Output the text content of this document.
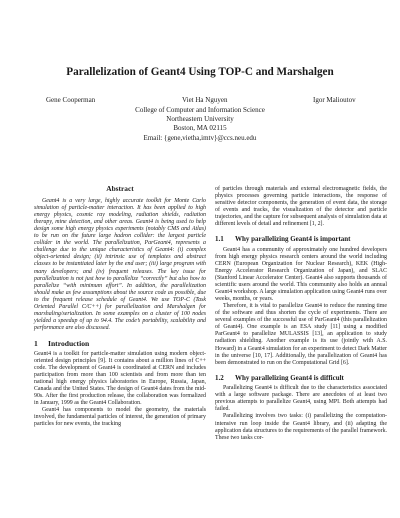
Parallelization of Geant4 Using TOP-C and Marshalgen
Gene Cooperman	Viet Ha Nguyen	Igor Malioutov
College of Computer and Information Science
Northeastern University
Boston, MA 02115
Email: {gene,vietha,imtv}@ccs.neu.edu
Abstract

Geant4 is a very large, highly accurate toolkit for Monte Carlo simulation of particle-matter interaction. It has been applied to high energy physics, cosmic ray modeling, radiation shields, radiation therapy, mine detection, and other areas. Geant4 is being used to help design some high energy physics experiments (notably CMS and Atlas) to be run on the future large hadron collider: the largest particle collider in the world. The parallelization, ParGeant4, represents a challenge due to the unique characteristics of Geant4: (i) complex object-oriented design; (ii) intrinsic use of templates and abstract classes to be instantiated later by the end user; (iii) large program with many developers; and (iv) frequent releases. The key issue for parallelization is not just how to parallelize “correctly” but also how to parallelize “with minimum effort”. In addition, the parallelization should make as few assumptions about the source code as possible, due to the frequent release schedule of Geant4. We use TOP-C (Task Oriented Parallel C/C++) for parallelization and Marshalgen for marshaling/serialization. In some examples on a cluster of 100 nodes yielded a speedup of up to 94.4. The code’s portability, scalability and performance are also discussed.

1 Introduction

Geant4 is a toolkit for particle-matter simulation using modern object-oriented design principles [9]. It contains about a million lines of C++ code. The development of Geant4 is coordinated at CERN and includes participation from more than 100 scientists and from more than ten national high energy physics laboratories in Europe, Russia, Japan, Canada and the United States. The design of Geant4 dates from the mid-90s. After the first production release, the collaboration was formalized in January, 1999 as the Geant4 Collaboration.

Geant4 has components to model the geometry, the materials involved, the fundamental particles of interest, the generation of primary particles for new events, the tracking

of particles through materials and external electromagnetic fields, the physics processes governing particle interactions, the response of sensitive detector components, the generation of event data, the storage of events and tracks, the visualization of the detector and particle trajectories, and the capture for subsequent analysis of simulation data at different levels of detail and refinement [1, 2].

1.1 Why parallelizing Geant4 is important

Geant4 has a community of approximately one hundred developers from high energy physics research centers around the world including CERN (European Organization for Nuclear Research), KEK (High-Energy Accelerator Research Organization of Japan), and SLAC (Stanford Linear Accelerator Center). Geant4 also supports thousands of scientific users around the world. This community also holds an annual Geant4 workshop. A large simulation application using Geant4 runs over weeks, months, or years.

Therefore, it is vital to parallelize Geant4 to reduce the running time of the software and thus shorten the cycle of experiments. There are several examples of the successful use of ParGeant4 (this parallelization of Geant4). One example is an ESA study [11] using a modified ParGeant4 to parallelize MULASSIS [13], an application to study radiation shielding. Another example is its use (jointly with A.S. Howard) in a Geant4 simulation for an experiment to detect Dark Matter in the universe [10, 17]. Additionally, the parallelization of Geant4 has been demonstrated to run on the Computational Grid [6].

1.2 Why parallelizing Geant4 is difficult

Parallelizing Geant4 is difficult due to the characteristics associated with a large software package. There are anecdotes of at least two previous attempts to parallelize Geant4, using MPI. Both attempts had failed.

Parallelizing involves two tasks: (i) parallelizing the computation-intensive run loop inside the Geant4 library, and (ii) adapting the application data structures to the requirements of the parallel framework. These two tasks cor-
